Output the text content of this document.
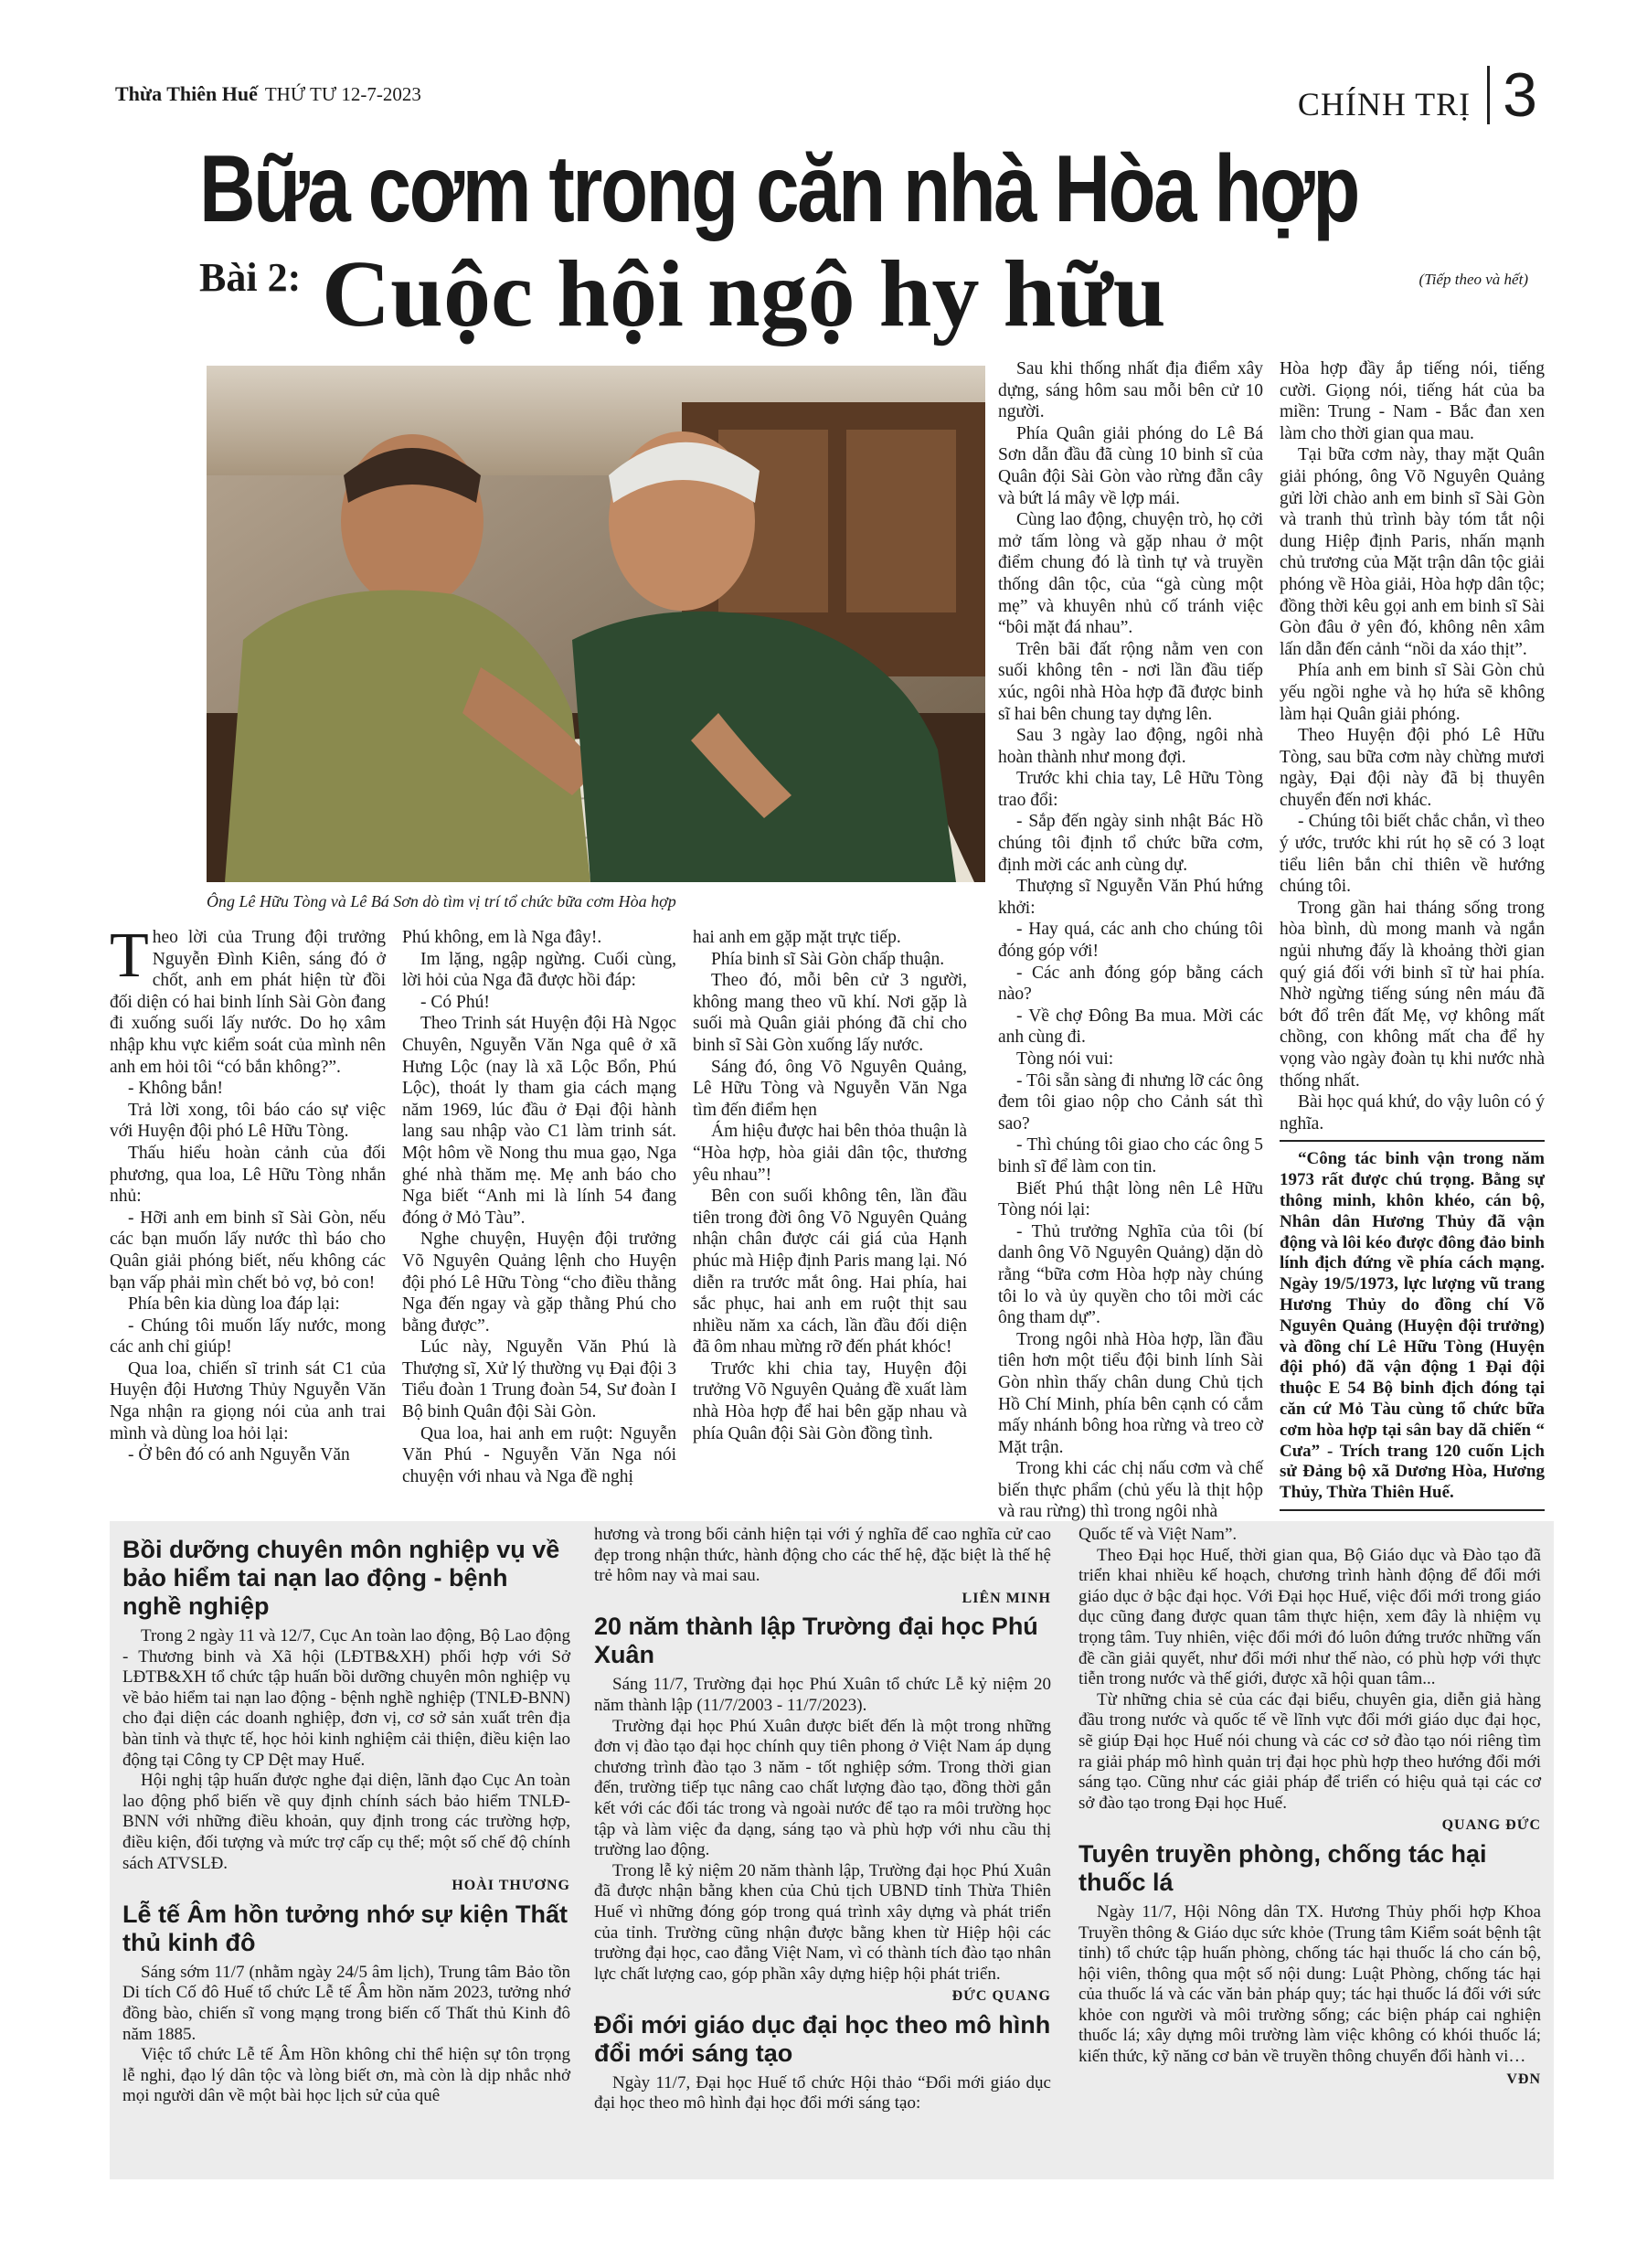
Thừa Thiên Huế THỨ TƯ 12-7-2023	CHÍNH TRỊ 3
Bữa cơm trong căn nhà Hòa hợp
Bài 2: Cuộc hội ngộ hy hữu	(Tiếp theo và hết)
Ông Lê Hữu Tòng và Lê Bá Sơn dò tìm vị trí tổ chức bữa cơm Hòa hợp

Theo lời của Trung đội trưởng Nguyễn Đình Kiên, sáng đó ở chốt, anh em phát hiện từ đồi đối diện có hai binh lính Sài Gòn đang đi xuống suối lấy nước. Do họ xâm nhập khu vực kiểm soát của mình nên anh em hỏi tôi “có bắn không?”.

- Không bắn!

Trả lời xong, tôi báo cáo sự việc với Huyện đội phó Lê Hữu Tòng.

Thấu hiểu hoàn cảnh của đối phương, qua loa, Lê Hữu Tòng nhắn nhủ:

- Hỡi anh em binh sĩ Sài Gòn, nếu các bạn muốn lấy nước thì báo cho Quân giải phóng biết, nếu không các bạn vấp phải mìn chết bỏ vợ, bỏ con!

Phía bên kia dùng loa đáp lại:

- Chúng tôi muốn lấy nước, mong các anh chỉ giúp!

Qua loa, chiến sĩ trinh sát C1 của Huyện đội Hương Thủy Nguyễn Văn Nga nhận ra giọng nói của anh trai mình và dùng loa hỏi lại:

- Ở bên đó có anh Nguyễn Văn

Phú không, em là Nga đây!.

Im lặng, ngập ngừng. Cuối cùng, lời hỏi của Nga đã được hồi đáp:

- Có Phú!

Theo Trinh sát Huyện đội Hà Ngọc Chuyên, Nguyễn Văn Nga quê ở xã Hưng Lộc (nay là xã Lộc Bổn, Phú Lộc), thoát ly tham gia cách mạng năm 1969, lúc đầu ở Đại đội hành lang sau nhập vào C1 làm trinh sát. Một hôm về Nong thu mua gạo, Nga ghé nhà thăm mẹ. Mẹ anh báo cho Nga biết “Anh mi là lính 54 đang đóng ở Mỏ Tàu”.

Nghe chuyện, Huyện đội trưởng Võ Nguyên Quảng lệnh cho Huyện đội phó Lê Hữu Tòng “cho điều thằng Nga đến ngay và gặp thằng Phú cho bằng được”.

Lúc này, Nguyễn Văn Phú là Thượng sĩ, Xử lý thường vụ Đại đội 3 Tiểu đoàn 1 Trung đoàn 54, Sư đoàn I Bộ binh Quân đội Sài Gòn.

Qua loa, hai anh em ruột: Nguyễn Văn Phú - Nguyễn Văn Nga nói chuyện với nhau và Nga đề nghị

hai anh em gặp mặt trực tiếp.

Phía binh sĩ Sài Gòn chấp thuận.

Theo đó, mỗi bên cử 3 người, không mang theo vũ khí. Nơi gặp là suối mà Quân giải phóng đã chỉ cho binh sĩ Sài Gòn xuống lấy nước.

Sáng đó, ông Võ Nguyên Quảng, Lê Hữu Tòng và Nguyễn Văn Nga tìm đến điểm hẹn

Ám hiệu được hai bên thỏa thuận là “Hòa hợp, hòa giải dân tộc, thương yêu nhau”!

Bên con suối không tên, lần đầu tiên trong đời ông Võ Nguyên Quảng nhận chân được cái giá của Hạnh phúc mà Hiệp định Paris mang lại. Nó diễn ra trước mắt ông. Hai phía, hai sắc phục, hai anh em ruột thịt sau nhiều năm xa cách, lần đầu đối diện đã ôm nhau mừng rỡ đến phát khóc!

Trước khi chia tay, Huyện đội trưởng Võ Nguyên Quảng đề xuất làm nhà Hòa hợp để hai bên gặp nhau và phía Quân đội Sài Gòn đồng tình.

Sau khi thống nhất địa điểm xây dựng, sáng hôm sau mỗi bên cử 10 người.

Phía Quân giải phóng do Lê Bá Sơn dẫn đầu đã cùng 10 binh sĩ của Quân đội Sài Gòn vào rừng đẵn cây và bứt lá mây về lợp mái.

Cùng lao động, chuyện trò, họ cởi mở tấm lòng và gặp nhau ở một điểm chung đó là tình tự và truyền thống dân tộc, của “gà cùng một mẹ” và khuyên nhủ cố tránh việc “bôi mặt đá nhau”.

Trên bãi đất rộng nằm ven con suối không tên - nơi lần đầu tiếp xúc, ngôi nhà Hòa hợp đã được binh sĩ hai bên chung tay dựng lên.

Sau 3 ngày lao động, ngôi nhà hoàn thành như mong đợi.

Trước khi chia tay, Lê Hữu Tòng trao đổi:

- Sắp đến ngày sinh nhật Bác Hồ chúng tôi định tổ chức bữa cơm, định mời các anh cùng dự.

Thượng sĩ Nguyễn Văn Phú hứng khởi:

- Hay quá, các anh cho chúng tôi đóng góp với!

- Các anh đóng góp bằng cách nào?

- Về chợ Đông Ba mua. Mời các anh cùng đi.

Tòng nói vui:

- Tôi sẵn sàng đi nhưng lỡ các ông đem tôi giao nộp cho Cảnh sát thì sao?

- Thì chúng tôi giao cho các ông 5 binh sĩ để làm con tin.

Biết Phú thật lòng nên Lê Hữu Tòng nói lại:

- Thủ trưởng Nghĩa của tôi (bí danh ông Võ Nguyên Quảng) dặn dò rằng “bữa cơm Hòa hợp này chúng tôi lo và ủy quyền cho tôi mời các ông tham dự”.

Trong ngôi nhà Hòa hợp, lần đầu tiên hơn một tiểu đội binh lính Sài Gòn nhìn thấy chân dung Chủ tịch Hồ Chí Minh, phía bên cạnh có cắm mấy nhánh bông hoa rừng và treo cờ Mặt trận.

Trong khi các chị nấu cơm và chế biến thực phẩm (chủ yếu là thịt hộp và rau rừng) thì trong ngôi nhà

Hòa hợp đầy ắp tiếng nói, tiếng cười. Giọng nói, tiếng hát của ba miền: Trung - Nam - Bắc đan xen làm cho thời gian qua mau.

Tại bữa cơm này, thay mặt Quân giải phóng, ông Võ Nguyên Quảng gửi lời chào anh em binh sĩ Sài Gòn và tranh thủ trình bày tóm tắt nội dung Hiệp định Paris, nhấn mạnh chủ trương của Mặt trận dân tộc giải phóng về Hòa giải, Hòa hợp dân tộc; đồng thời kêu gọi anh em binh sĩ Sài Gòn đâu ở yên đó, không nên xâm lấn dẫn đến cảnh “nồi da xáo thịt”.

Phía anh em binh sĩ Sài Gòn chủ yếu ngồi nghe và họ hứa sẽ không làm hại Quân giải phóng.

Theo Huyện đội phó Lê Hữu Tòng, sau bữa cơm này chừng mươi ngày, Đại đội này đã bị thuyên chuyển đến nơi khác.

- Chúng tôi biết chắc chắn, vì theo ý ước, trước khi rút họ sẽ có 3 loạt tiểu liên bắn chỉ thiên về hướng chúng tôi.

Trong gần hai tháng sống trong hòa bình, dù mong manh và ngắn ngủi nhưng đấy là khoảng thời gian quý giá đối với binh sĩ từ hai phía. Nhờ ngừng tiếng súng nên máu đã bớt đổ trên đất Mẹ, vợ không mất chồng, con không mất cha để hy vọng vào ngày đoàn tụ khi nước nhà thống nhất.

Bài học quá khứ, do vậy luôn có ý nghĩa.

“Công tác binh vận trong năm 1973 rất được chú trọng. Bằng sự thông minh, khôn khéo, cán bộ, Nhân dân Hương Thủy đã vận động và lôi kéo được đông đảo binh lính địch đứng về phía cách mạng. Ngày 19/5/1973, lực lượng vũ trang Hương Thủy do đồng chí Võ Nguyên Quảng (Huyện đội trưởng) và đồng chí Lê Hữu Tòng (Huyện đội phó) đã vận động 1 Đại đội thuộc E 54 Bộ binh địch đóng tại căn cứ Mỏ Tàu cùng tổ chức bữa cơm hòa hợp tại sân bay dã chiến “ Cưa” - Trích trang 120 cuốn Lịch sử Đảng bộ xã Dương Hòa, Hương Thủy, Thừa Thiên Huế.

Bồi dưỡng chuyên môn nghiệp vụ về bảo hiểm tai nạn lao động - bệnh nghề nghiệp

Trong 2 ngày 11 và 12/7, Cục An toàn lao động, Bộ Lao động - Thương binh và Xã hội (LĐTB&XH) phối hợp với Sở LĐTB&XH tổ chức tập huấn bồi dưỡng chuyên môn nghiệp vụ về bảo hiểm tai nạn lao động - bệnh nghề nghiệp (TNLĐ-BNN) cho đại diện các doanh nghiệp, đơn vị, cơ sở sản xuất trên địa bàn tỉnh và thực tế, học hỏi kinh nghiệm cải thiện, điều kiện lao động tại Công ty CP Dệt may Huế.

Hội nghị tập huấn được nghe đại diện, lãnh đạo Cục An toàn lao động phổ biến về quy định chính sách bảo hiểm TNLĐ-BNN với những điều khoản, quy định trong các trường hợp, điều kiện, đối tượng và mức trợ cấp cụ thể; một số chế độ chính sách ATVSLĐ.

HOÀI THƯƠNG
Lễ tế Âm hồn tưởng nhớ sự kiện Thất thủ kinh đô

Sáng sớm 11/7 (nhằm ngày 24/5 âm lịch), Trung tâm Bảo tồn Di tích Cố đô Huế tổ chức Lễ tế Âm hồn năm 2023, tưởng nhớ đồng bào, chiến sĩ vong mạng trong biến cố Thất thủ Kinh đô năm 1885.

Việc tổ chức Lễ tế Âm Hồn không chỉ thể hiện sự tôn trọng lễ nghi, đạo lý dân tộc và lòng biết ơn, mà còn là dịp nhắc nhở mọi người dân về một bài học lịch sử của quê

hương và trong bối cảnh hiện tại với ý nghĩa để cao nghĩa cử cao đẹp trong nhận thức, hành động cho các thế hệ, đặc biệt là thế hệ trẻ hôm nay và mai sau.

LIÊN MINH
20 năm thành lập Trường đại học Phú Xuân

Sáng 11/7, Trường đại học Phú Xuân tổ chức Lễ kỷ niệm 20 năm thành lập (11/7/2003 - 11/7/2023).

Trường đại học Phú Xuân được biết đến là một trong những đơn vị đào tạo đại học chính quy tiên phong ở Việt Nam áp dụng chương trình đào tạo 3 năm - tốt nghiệp sớm. Trong thời gian đến, trường tiếp tục nâng cao chất lượng đào tạo, đồng thời gắn kết với các đối tác trong và ngoài nước để tạo ra môi trường học tập và làm việc đa dạng, sáng tạo và phù hợp với nhu cầu thị trường lao động.

Trong lễ kỷ niệm 20 năm thành lập, Trường đại học Phú Xuân đã được nhận bằng khen của Chủ tịch UBND tỉnh Thừa Thiên Huế vì những đóng góp trong quá trình xây dựng và phát triển của tỉnh. Trường cũng nhận được bằng khen từ Hiệp hội các trường đại học, cao đẳng Việt Nam, vì có thành tích đào tạo nhân lực chất lượng cao, góp phần xây dựng hiệp hội phát triển.

ĐỨC QUANG
Đổi mới giáo dục đại học theo mô hình đổi mới sáng tạo

Ngày 11/7, Đại học Huế tổ chức Hội thảo “Đổi mới giáo dục đại học theo mô hình đại học đổi mới sáng tạo:

Quốc tế và Việt Nam”.

Theo Đại học Huế, thời gian qua, Bộ Giáo dục và Đào tạo đã triển khai nhiều kế hoạch, chương trình hành động để đổi mới giáo dục ở bậc đại học. Với Đại học Huế, việc đổi mới trong giáo dục cũng đang được quan tâm thực hiện, xem đây là nhiệm vụ trọng tâm. Tuy nhiên, việc đổi mới đó luôn đứng trước những vấn đề cần giải quyết, như đổi mới như thế nào, có phù hợp với thực tiễn trong nước và thế giới, được xã hội quan tâm...

Từ những chia sẻ của các đại biểu, chuyên gia, diễn giả hàng đầu trong nước và quốc tế về lĩnh vực đổi mới giáo dục đại học, sẽ giúp Đại học Huế nói chung và các cơ sở đào tạo nói riêng tìm ra giải pháp mô hình quản trị đại học phù hợp theo hướng đổi mới sáng tạo. Cũng như các giải pháp để triển có hiệu quả tại các cơ sở đào tạo trong Đại học Huế.

QUANG ĐỨC
Tuyên truyền phòng, chống tác hại thuốc lá

Ngày 11/7, Hội Nông dân TX. Hương Thủy phối hợp Khoa Truyền thông & Giáo dục sức khỏe (Trung tâm Kiểm soát bệnh tật tỉnh) tổ chức tập huấn phòng, chống tác hại thuốc lá cho cán bộ, hội viên, thông qua một số nội dung: Luật Phòng, chống tác hại của thuốc lá và các văn bản pháp quy; tác hại thuốc lá đối với sức khỏe con người và môi trường sống; các biện pháp cai nghiện thuốc lá; xây dựng môi trường làm việc không có khói thuốc lá; kiến thức, kỹ năng cơ bản về truyền thông chuyển đổi hành vi…

VĐN
